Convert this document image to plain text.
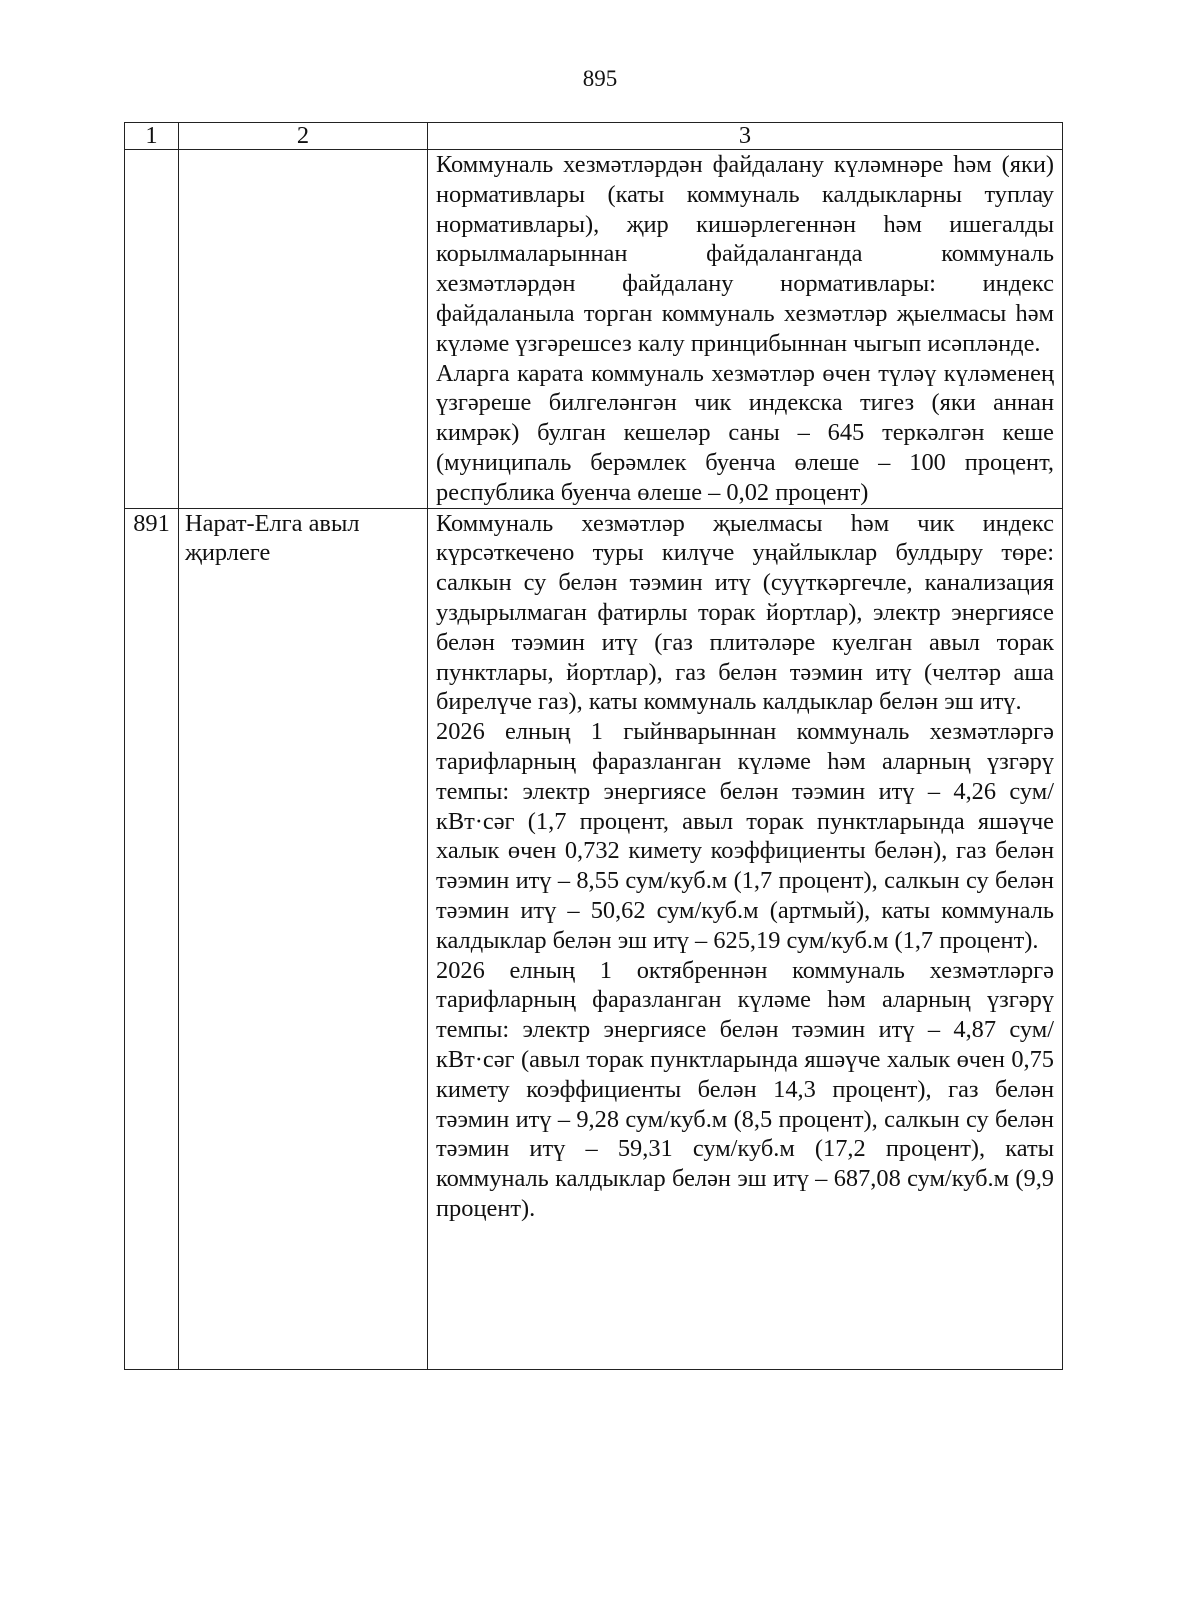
895
1	2	3

		Коммуналь хезмәтләрдән файдалану күләмнәре һәм (яки) нормативлары (каты коммуналь калдыкларны туплау нормативлары), җир кишәрлегеннән һәм ишегалды корылмаларыннан файдаланганда коммуналь хезмәтләрдән файдалану нормативлары: индекс файдаланыла торган коммуналь хезмәтләр җыелмасы һәм күләме үзгәрешсез калу принцибыннан чыгып исәпләнде.

Аларга карата коммуналь хезмәтләр өчен түләү күләменең үзгәреше билгеләнгән чик индекска тигез (яки аннан кимрәк) булган кешеләр саны – 645 теркәлгән кеше (муниципаль берәмлек буенча өлеше – 100 процент, республика буенча өлеше – 0,02 процент)

891	Нарат-Елга авыл җирлеге	Коммуналь хезмәтләр җыелмасы һәм чик индекс күрсәткечено туры килүче уңайлыклар булдыру төре: салкын су белән тәэмин итү (суүткәргечле, канализация уздырылмаган фатирлы торак йортлар), электр энергиясе белән тәэмин итү (газ плитәләре куелган авыл торак пунктлары, йортлар), газ белән тәэмин итү (челтәр аша бирелүче газ), каты коммуналь калдыклар белән эш итү.

2026 елның 1 гыйнварыннан коммуналь хезмәтләргә тарифларның фаразланган күләме һәм аларның үзгәрү темпы: электр энергиясе белән тәэмин итү – 4,26 сум/кВт·сәг (1,7 процент, авыл торак пунктларында яшәүче халык өчен 0,732 кимету коэффициенты белән), газ белән тәэмин итү – 8,55 сум/куб.м (1,7 процент), салкын су белән тәэмин итү – 50,62 сум/куб.м (артмый), каты коммуналь калдыклар белән эш итү – 625,19 сум/куб.м (1,7 процент).

2026 елның 1 октябреннән коммуналь хезмәтләргә тарифларның фаразланган күләме һәм аларның үзгәрү темпы: электр энергиясе белән тәэмин итү – 4,87 сум/кВт·сәг (авыл торак пунктларында яшәүче халык өчен 0,75 кимету коэффициенты белән 14,3 процент), газ белән тәэмин итү – 9,28 сум/куб.м (8,5 процент), салкын су белән тәэмин итү – 59,31 сум/куб.м (17,2 процент), каты коммуналь калдыклар белән эш итү – 687,08 сум/куб.м (9,9 процент).
